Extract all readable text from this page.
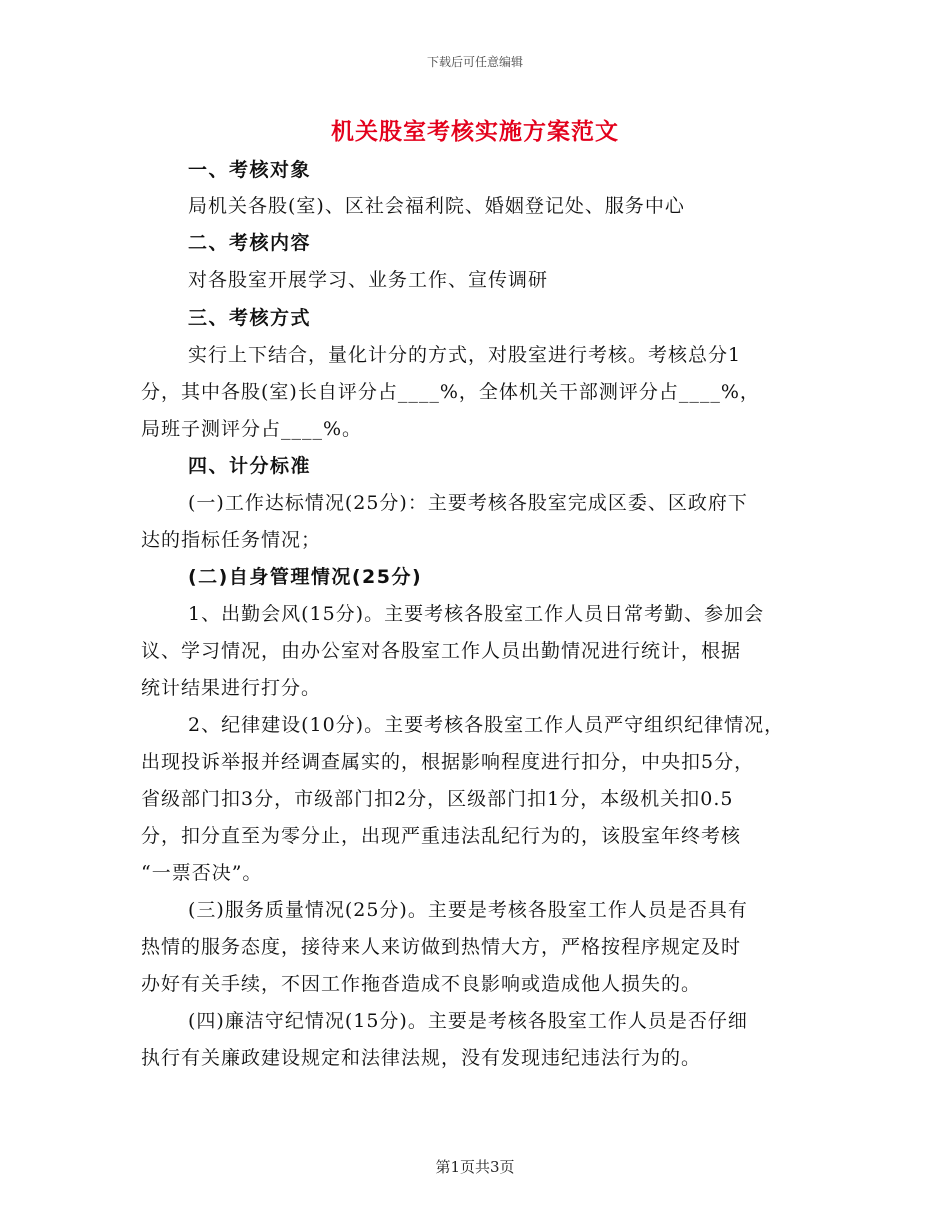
下载后可任意编辑
机关股室考核实施方案范文
一、考核对象
局机关各股(室)、区社会福利院、婚姻登记处、服务中心
二、考核内容
对各股室开展学习、业务工作、宣传调研
三、考核方式
实行上下结合，量化计分的方式，对股室进行考核。考核总分1
分，其中各股(室)长自评分占____%，全体机关干部测评分占____%，
局班子测评分占____%。
四、计分标准
(一)工作达标情况(25分)：主要考核各股室完成区委、区政府下
达的指标任务情况；
(二)自身管理情况(25分)
1、出勤会风(15分)。主要考核各股室工作人员日常考勤、参加会
议、学习情况，由办公室对各股室工作人员出勤情况进行统计，根据
统计结果进行打分。
2、纪律建设(10分)。主要考核各股室工作人员严守组织纪律情况，
出现投诉举报并经调查属实的，根据影响程度进行扣分，中央扣5分，
省级部门扣3分，市级部门扣2分，区级部门扣1分，本级机关扣0.5
分，扣分直至为零分止，出现严重违法乱纪行为的，该股室年终考核
“一票否决”。
(三)服务质量情况(25分)。主要是考核各股室工作人员是否具有
热情的服务态度，接待来人来访做到热情大方，严格按程序规定及时
办好有关手续，不因工作拖沓造成不良影响或造成他人损失的。
(四)廉洁守纪情况(15分)。主要是考核各股室工作人员是否仔细
执行有关廉政建设规定和法律法规，没有发现违纪违法行为的。
第1页共3页
